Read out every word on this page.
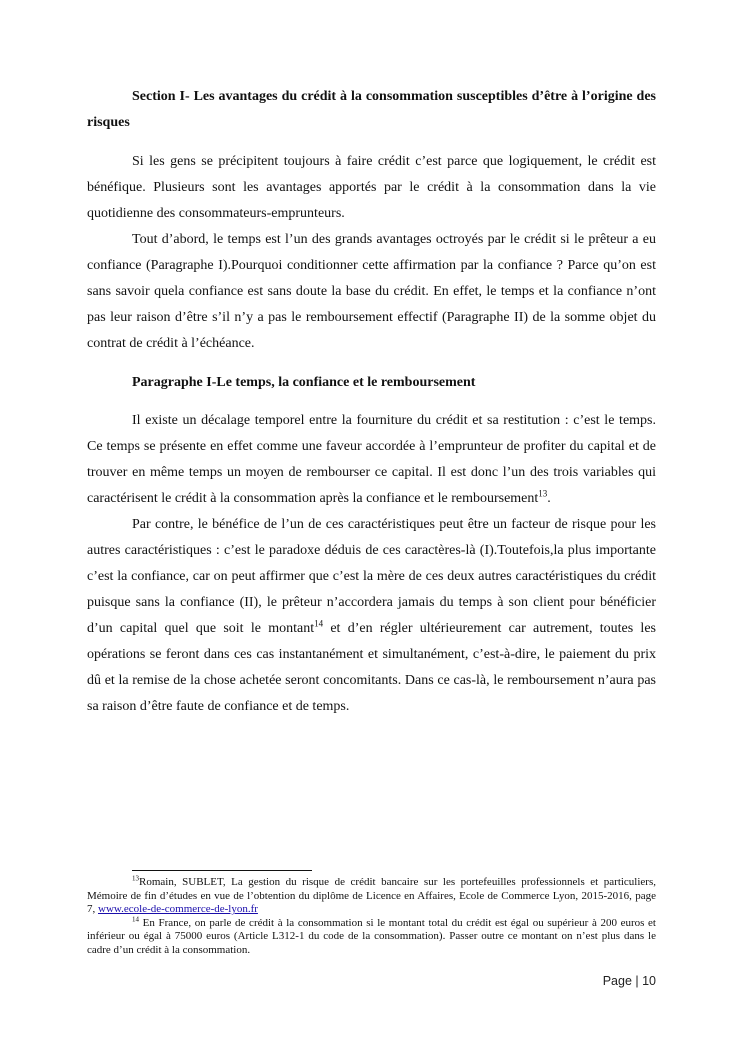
Section I- Les avantages du crédit à la consommation susceptibles d’être à l’origine des risques

Si les gens se précipitent toujours à faire crédit c’est parce que logiquement, le crédit est bénéfique. Plusieurs sont les avantages apportés par le crédit à la consommation dans la vie quotidienne des consommateurs-emprunteurs.

Tout d’abord, le temps est l’un des grands avantages octroyés par le crédit si le prêteur a eu confiance (Paragraphe I).Pourquoi conditionner cette affirmation par la confiance ? Parce qu’on est sans savoir quela confiance est sans doute la base du crédit. En effet, le temps et la confiance n’ont pas leur raison d’être s’il n’y a pas le remboursement effectif (Paragraphe II) de la somme objet du contrat de crédit à l’échéance.

Paragraphe I-Le temps, la confiance et le remboursement

Il existe un décalage temporel entre la fourniture du crédit et sa restitution : c’est le temps. Ce temps se présente en effet comme une faveur accordée à l’emprunteur de profiter du capital et de trouver en même temps un moyen de rembourser ce capital. Il est donc l’un des trois variables qui caractérisent le crédit à la consommation après la confiance et le remboursement$^{13}$.

Par contre, le bénéfice de l’un de ces caractéristiques peut être un facteur de risque pour les autres caractéristiques : c’est le paradoxe déduis de ces caractères-là (I).Toutefois,la plus importante c’est la confiance, car on peut affirmer que c’est la mère de ces deux autres caractéristiques du crédit puisque sans la confiance (II), le prêteur n’accordera jamais du temps à son client pour bénéficier d’un capital quel que soit le montant$^{14}$ et d’en régler ultérieurement car autrement, toutes les opérations se feront dans ces cas instantanément et simultanément, c’est-à-dire, le paiement du prix dû et la remise de la chose achetée seront concomitants. Dans ce cas-là, le remboursement n’aura pas sa raison d’être faute de confiance et de temps.

$^{13}$Romain, SUBLET, La gestion du risque de crédit bancaire sur les portefeuilles professionnels et particuliers, Mémoire de fin d’études en vue de l’obtention du diplôme de Licence en Affaires, Ecole de Commerce Lyon, 2015-2016, page 7, www.ecole-de-commerce-de-lyon.fr

$^{14}$ En France, on parle de crédit à la consommation si le montant total du crédit est égal ou supérieur à 200 euros et inférieur ou égal à 75000 euros (Article L312-1 du code de la consommation). Passer outre ce montant on n’est plus dans le cadre d’un crédit à la consommation.

Page | 10
